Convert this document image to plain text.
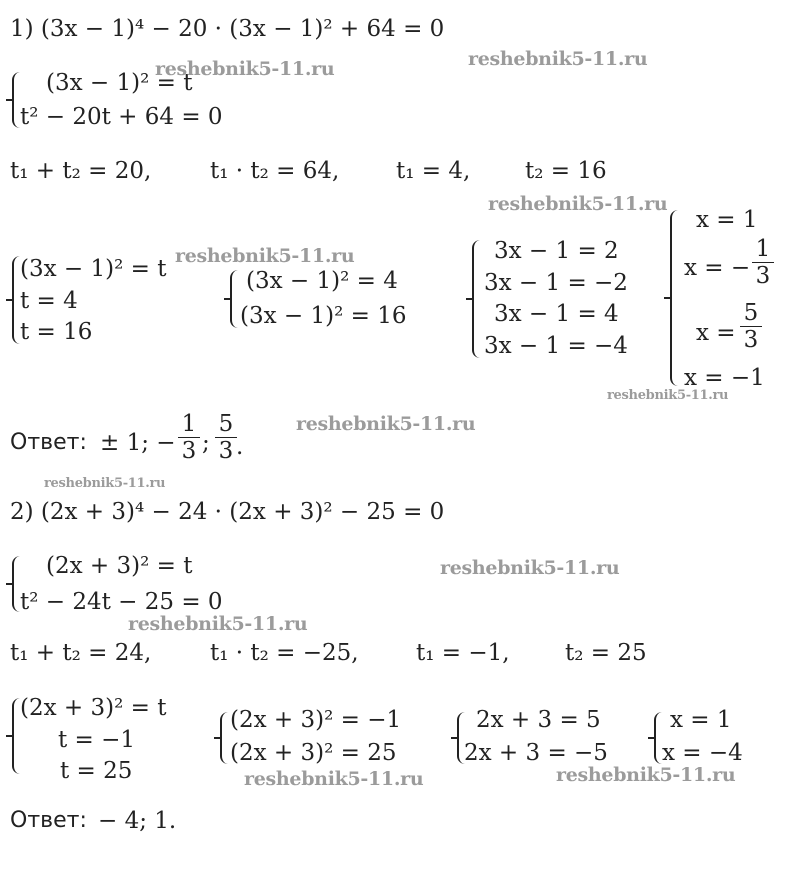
1) (3x − 1)⁴ − 20 · (3x − 1)² + 64 = 0
(3x − 1)² = t
t² − 20t + 64 = 0
t₁ + t₂ = 20,	t₁ · t₂ = 64, t₁ = 4, t₂ = 16
(3x − 1)² = t
t = 4
t = 16
(3x − 1)² = 4
(3x − 1)² = 16
3x − 1 = 2
3x − 1 = −2
3x − 1 = 4
3x − 1 = −4
x = 1
x = − $\frac{1}{3}$
$x = \frac{5}{3}$
x = −1
Ответ: ± 1; − $\frac{1}{3}$ ; $\frac{5}{3}$ .
2) (2x + 3)⁴ − 24 · (2x + 3)² − 25 = 0
(2x + 3)² = t
t² − 24t − 25 = 0
t₁ + t₂ = 24,	t₁ · t₂ = −25, t₁ = −1, t₂ = 25
(2x + 3)² = t
t = −1
t = 25
(2x + 3)² = −1
(2x + 3)² = 25
2x + 3 = 5
2x + 3 = −5
x = 1
x = −4
Ответ: − 4; 1.
reshebnik5-11.ru	reshebnik5-11.ru
reshebnik5-11.ru
reshebnik5-11.ru
reshebnik5-11.ru
reshebnik5-11.ru
reshebnik5-11.ru
reshebnik5-11.ru
reshebnik5-11.ru
reshebnik5-11.ru	reshebnik5-11.ru
